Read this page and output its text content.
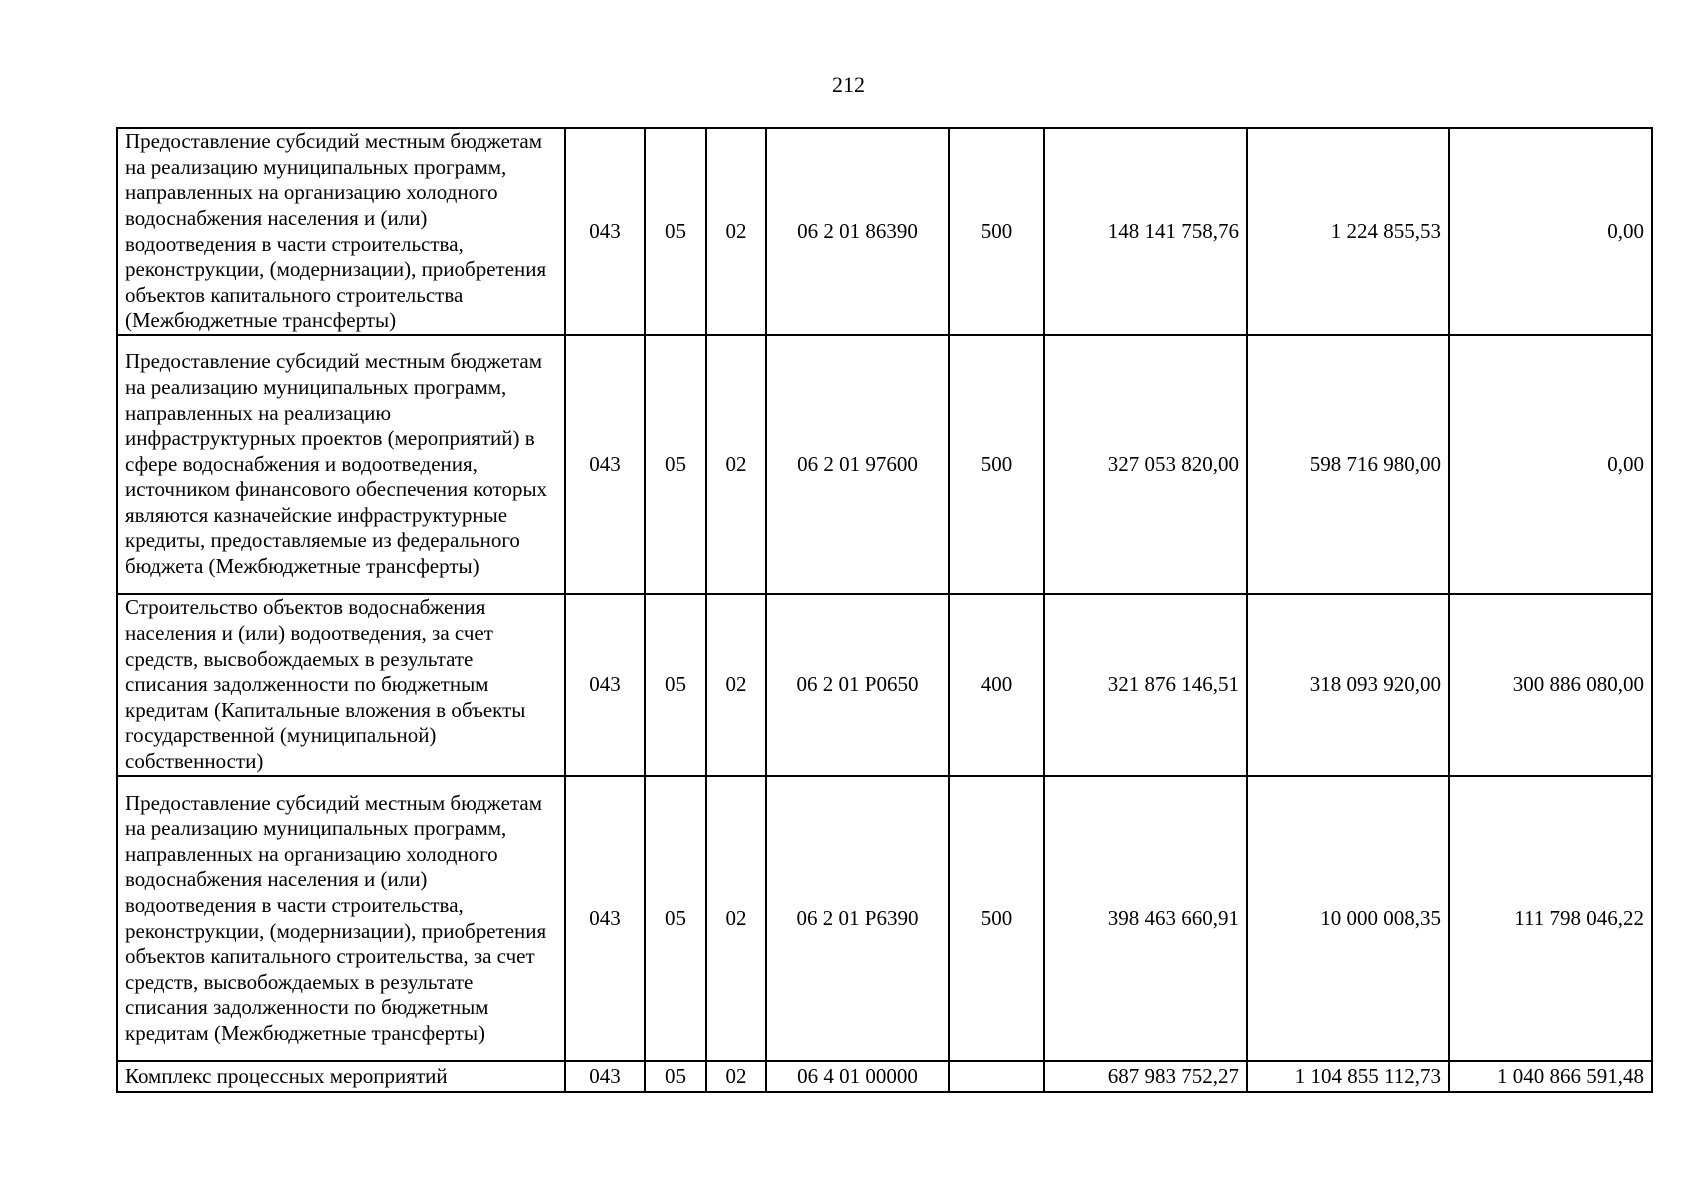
212
Предоставление субсидий местным бюджетам на реализацию муниципальных программ, направленных на организацию холодного водоснабжения населения и (или) водоотведения в части строительства, реконструкции, (модернизации), приобретения объектов капитального строительства (Межбюджетные трансферты)	043	05	02	06 2 01 86390	500	148 141 758,76	1 224 855,53	0,00
Предоставление субсидий местным бюджетам на реализацию муниципальных программ, направленных на реализацию инфраструктурных проектов (мероприятий) в сфере водоснабжения и водоотведения, источником финансового обеспечения которых являются казначейские инфраструктурные кредиты, предоставляемые из федерального бюджета (Межбюджетные трансферты)	043	05	02	06 2 01 97600	500	327 053 820,00	598 716 980,00	0,00
Строительство объектов водоснабжения населения и (или) водоотведения, за счет средств, высвобождаемых в результате списания задолженности по бюджетным кредитам (Капитальные вложения в объекты государственной (муниципальной) собственности)	043	05	02	06 2 01 P0650	400	321 876 146,51	318 093 920,00	300 886 080,00
Предоставление субсидий местным бюджетам на реализацию муниципальных программ, направленных на организацию холодного водоснабжения населения и (или) водоотведения в части строительства, реконструкции, (модернизации), приобретения объектов капитального строительства, за счет средств, высвобождаемых в результате списания задолженности по бюджетным кредитам (Межбюджетные трансферты)	043	05	02	06 2 01 P6390	500	398 463 660,91	10 000 008,35	111 798 046,22
Комплекс процессных мероприятий	043	05	02	06 4 01 00000		687 983 752,27	1 104 855 112,73	1 040 866 591,48
